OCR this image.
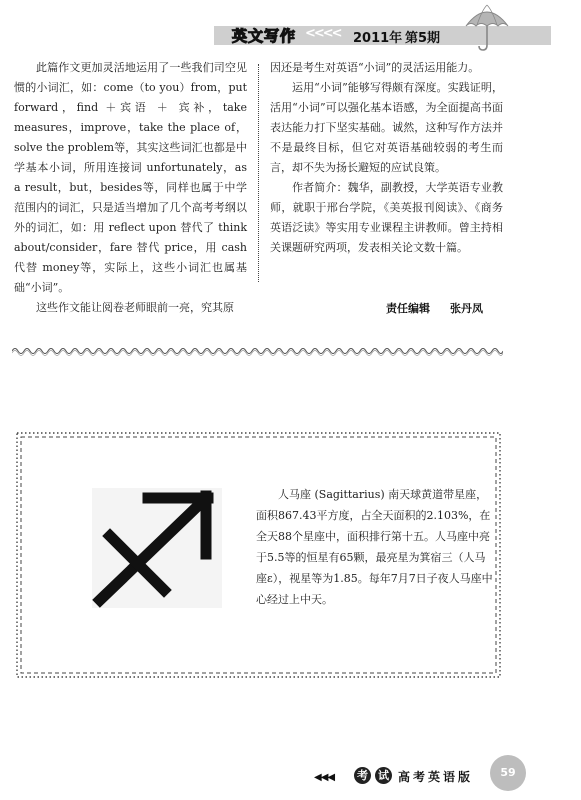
英文写作 <<<< 2011年 第5期

此篇作文更加灵活地运用了一些我们司空见惯的小词汇，如：come（to you）from，put forward，find ＋宾语 ＋ 宾补，take measures，improve，take the place of，solve the problem等，其实这些词汇也都是中学基本小词，所用连接词 unfortunately，as a result，but，besides等，同样也属于中学范围内的词汇，只是适当增加了几个高考考纲以外的词汇，如：用 reflect upon 替代了 think about/consider，fare 替代 price，用 cash 代替 money等，实际上，这些小词汇也属基础“小词”。

这些作文能让阅卷老师眼前一亮，究其原

因还是考生对英语“小词”的灵活运用能力。

运用“小词”能够写得颇有深度。实践证明，活用“小词”可以强化基本语感，为全面提高书面表达能力打下坚实基础。诚然，这种写作方法并不是最终目标，但它对英语基础较弱的考生而言，却不失为扬长避短的应试良策。

作者简介：魏华，副教授，大学英语专业教师，就职于邢台学院，《美英报刊阅读》、《商务英语泛读》等实用专业课程主讲教师。曾主持相关课题研究两项，发表相关论文数十篇。

责任编辑 张丹凤

人马座 (Sagittarius) 南天球黄道带星座，面积867.43平方度，占全天面积的2.103%，在全天88个星座中，面积排行第十五。人马座中亮于5.5等的恒星有65颗，最亮星为箕宿三（人马座ε），视星等为1.85。每年7月7日子夜人马座中心经过上中天。

◀◀◀ 考 试 高考英语版	59
